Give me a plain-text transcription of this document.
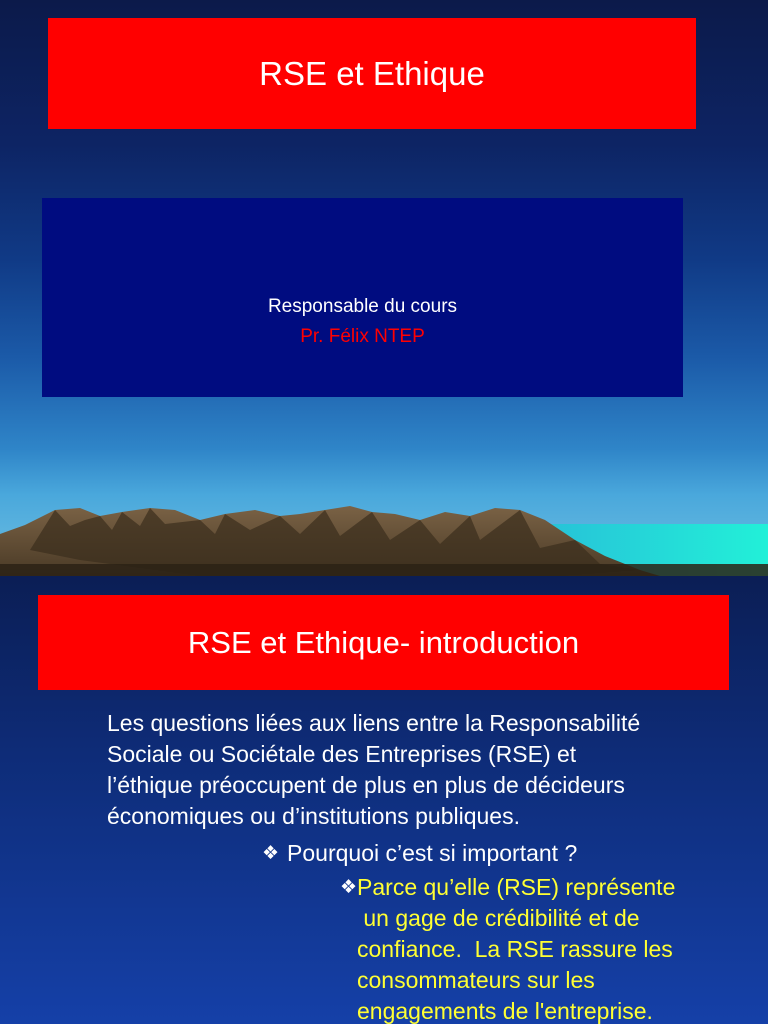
RSE et Ethique
Responsable du cours
Pr. Félix NTEP
RSE et Ethique- introduction
Les questions liées aux liens entre la Responsabilité
Sociale ou Sociétale des Entreprises (RSE) et
l’éthique préoccupent de plus en plus de décideurs
économiques ou d’institutions publiques.
❖ Pourquoi c’est si important ?
❖Parce qu’elle (RSE) représente
un gage de crédibilité et de
confiance.  La RSE rassure les
consommateurs sur les
engagements de l'entreprise.
